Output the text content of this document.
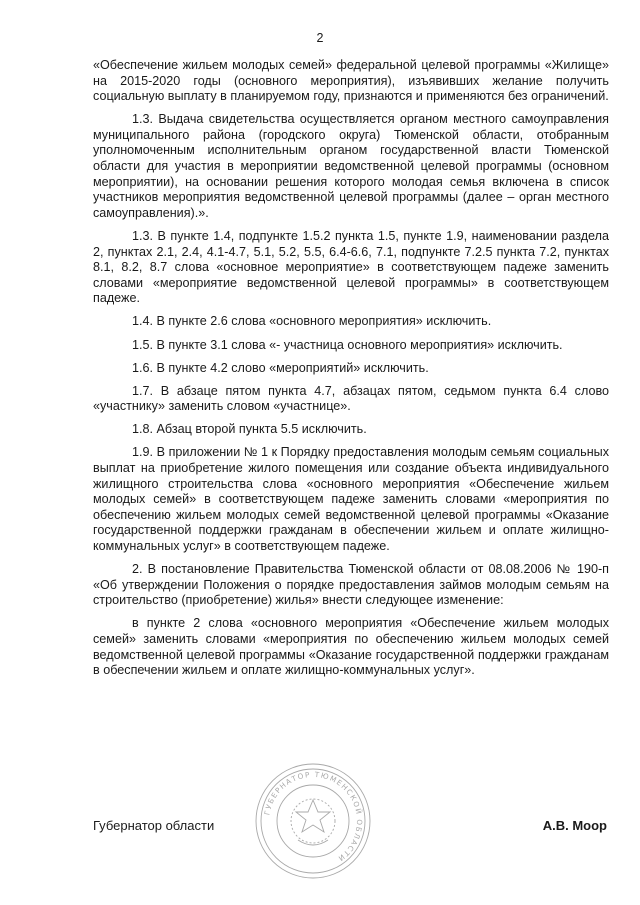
2

«Обеспечение жильем молодых семей» федеральной целевой программы «Жилище» на 2015-2020 годы (основного мероприятия), изъявивших желание получить социальную выплату в планируемом году, признаются и применяются без ограничений.

1.3. Выдача свидетельства осуществляется органом местного самоуправления муниципального района (городского округа) Тюменской области, отобранным уполномоченным исполнительным органом государственной власти Тюменской области для участия в мероприятии ведомственной целевой программы (основном мероприятии), на основании решения которого молодая семья включена в список участников мероприятия ведомственной целевой программы (далее – орган местного самоуправления).».

1.3. В пункте 1.4, подпункте 1.5.2 пункта 1.5, пункте 1.9, наименовании раздела 2, пунктах 2.1, 2.4, 4.1-4.7, 5.1, 5.2, 5.5, 6.4-6.6, 7.1, подпункте 7.2.5 пункта 7.2, пунктах 8.1, 8.2, 8.7 слова «основное мероприятие» в соответствующем падеже заменить словами «мероприятие ведомственной целевой программы» в соответствующем падеже.

1.4. В пункте 2.6 слова «основного мероприятия» исключить.

1.5. В пункте 3.1 слова «- участница основного мероприятия» исключить.

1.6. В пункте 4.2 слово «мероприятий» исключить.

1.7. В абзаце пятом пункта 4.7, абзацах пятом, седьмом пункта 6.4 слово «участнику» заменить словом «участнице».

1.8. Абзац второй пункта 5.5 исключить.

1.9. В приложении № 1 к Порядку предоставления молодым семьям социальных выплат на приобретение жилого помещения или создание объекта индивидуального жилищного строительства слова «основного мероприятия «Обеспечение жильем молодых семей» в соответствующем падеже заменить словами «мероприятия по обеспечению жильем молодых семей ведомственной целевой программы «Оказание государственной поддержки гражданам в обеспечении жильем и оплате жилищно-коммунальных услуг» в соответствующем падеже.

2. В постановление Правительства Тюменской области от 08.08.2006 № 190-п «Об утверждении Положения о порядке предоставления займов молодым семьям на строительство (приобретение) жилья» внести следующее изменение:

в пункте 2 слова «основного мероприятия «Обеспечение жильем молодых семей» заменить словами «мероприятия по обеспечению жильем молодых семей ведомственной целевой программы «Оказание государственной поддержки гражданам в обеспечении жильем и оплате жилищно-коммунальных услуг».

ГУБЕРНАТОР ТЮМЕНСКОЙ ОБЛАСТИ
Губернатор области	А.В. Моор
